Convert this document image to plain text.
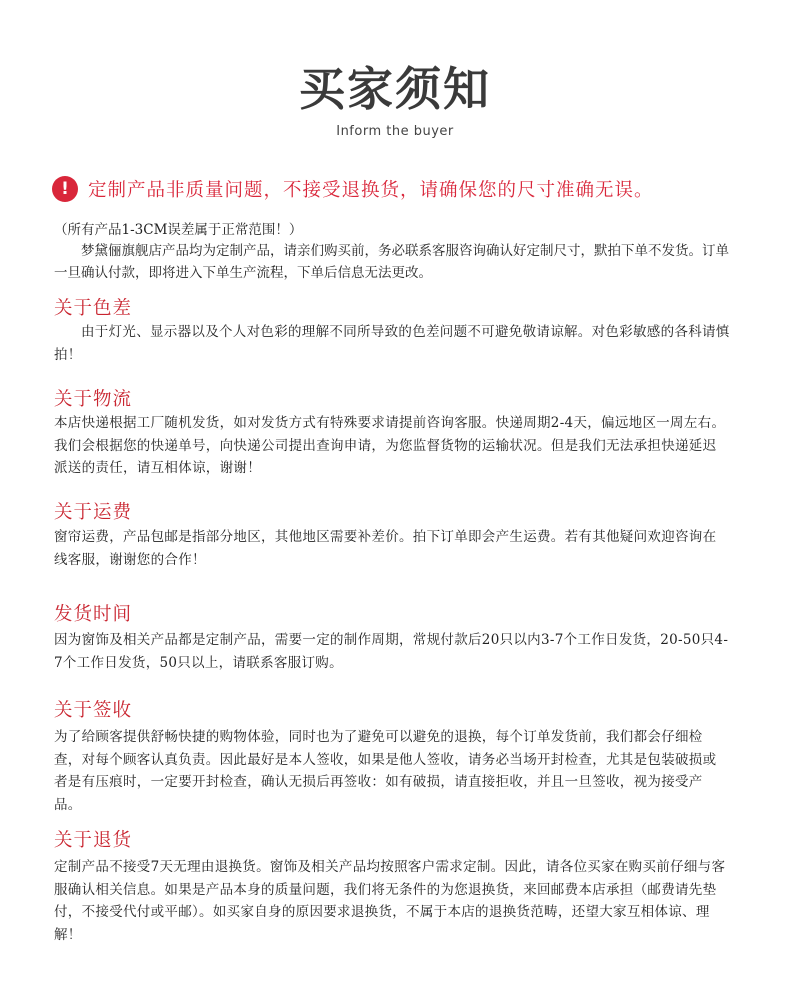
买家须知
Inform the buyer
!	定制产品非质量问题，不接受退换货，请确保您的尺寸准确无误。
（所有产品1-3CM误差属于正常范围！）

梦黛俪旗舰店产品均为定制产品，请亲们购买前，务必联系客服咨询确认好定制尺寸，默拍下单不发货。订单一旦确认付款，即将进入下单生产流程，下单后信息无法更改。

关于色差

由于灯光、显示器以及个人对色彩的理解不同所导致的色差问题不可避免敬请谅解。对色彩敏感的各科请慎拍！

关于物流

本店快递根据工厂随机发货，如对发货方式有特殊要求请提前咨询客服。快递周期2-4天，偏远地区一周左右。我们会根据您的快递单号，向快递公司提出查询申请，为您监督货物的运输状况。但是我们无法承担快递延迟派送的责任，请互相体谅，谢谢！

关于运费

窗帘运费，产品包邮是指部分地区，其他地区需要补差价。拍下订单即会产生运费。若有其他疑问欢迎咨询在线客服，谢谢您的合作！

发货时间

因为窗饰及相关产品都是定制产品，需要一定的制作周期，常规付款后20只以内3-7个工作日发货，20-50只4-7个工作日发货，50只以上，请联系客服订购。

关于签收

为了给顾客提供舒畅快捷的购物体验，同时也为了避免可以避免的退换，每个订单发货前，我们都会仔细检查，对每个顾客认真负责。因此最好是本人签收，如果是他人签收，请务必当场开封检查，尤其是包装破损或者是有压痕时，一定要开封检查，确认无损后再签收：如有破损，请直接拒收，并且一旦签收，视为接受产品。

关于退货

定制产品不接受7天无理由退换货。窗饰及相关产品均按照客户需求定制。因此，请各位买家在购买前仔细与客服确认相关信息。如果是产品本身的质量问题，我们将无条件的为您退换货，来回邮费本店承担（邮费请先垫付，不接受代付或平邮）。如买家自身的原因要求退换货，不属于本店的退换货范畴，还望大家互相体谅、理解！
